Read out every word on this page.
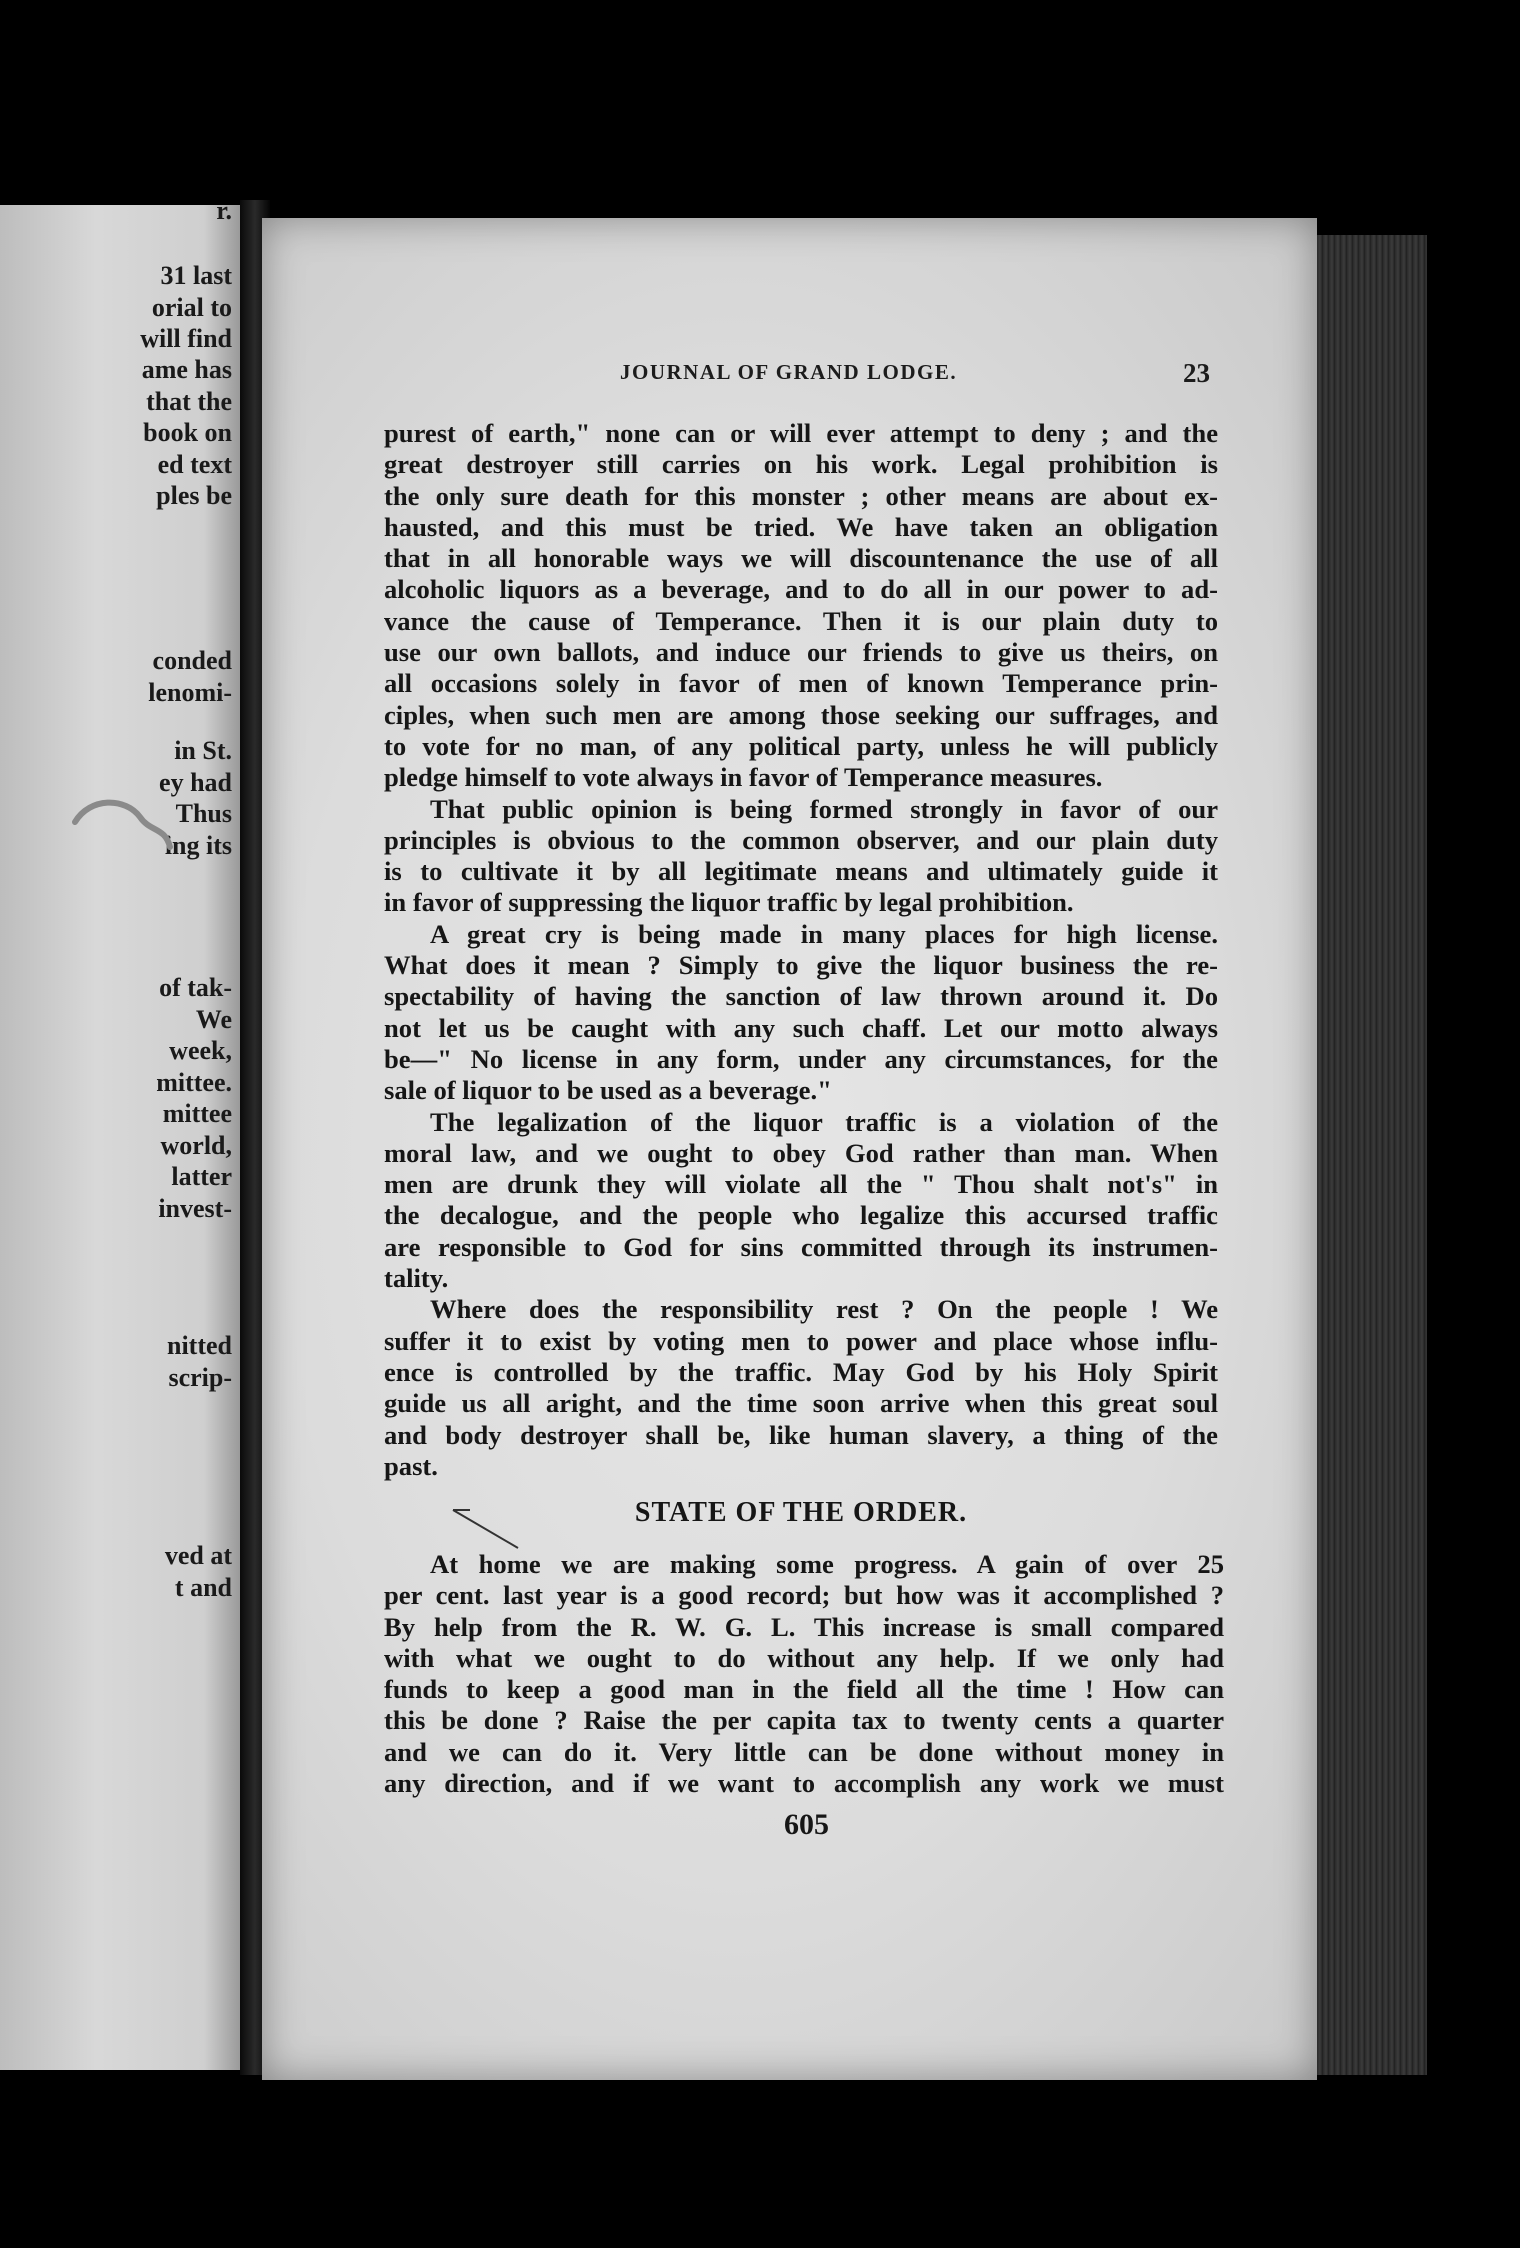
r.
31 last
orial to
will find
ame has
that the
book on
ed text
ples be
conded
lenomi-
in St.
ey had
Thus
ing its
of tak-
We
week,
mittee.
mittee
world,
latter
invest-
nitted
scrip-
ved at
t and
JOURNAL OF GRAND LODGE.	23
purest of earth," none can or will ever attempt to deny ; and the
great destroyer still carries on his work. Legal prohibition is
the only sure death for this monster ; other means are about ex-
hausted, and this must be tried. We have taken an obligation
that in all honorable ways we will discountenance the use of all
alcoholic liquors as a beverage, and to do all in our power to ad-
vance the cause of Temperance. Then it is our plain duty to
use our own ballots, and induce our friends to give us theirs, on
all occasions solely in favor of men of known Temperance prin-
ciples, when such men are among those seeking our suffrages, and
to vote for no man, of any political party, unless he will publicly
pledge himself to vote always in favor of Temperance measures.
That public opinion is being formed strongly in favor of our
principles is obvious to the common observer, and our plain duty
is to cultivate it by all legitimate means and ultimately guide it
in favor of suppressing the liquor traffic by legal prohibition.
A great cry is being made in many places for high license.
What does it mean ? Simply to give the liquor business the re-
spectability of having the sanction of law thrown around it. Do
not let us be caught with any such chaff. Let our motto always
be—" No license in any form, under any circumstances, for the
sale of liquor to be used as a beverage."
The legalization of the liquor traffic is a violation of the
moral law, and we ought to obey God rather than man. When
men are drunk they will violate all the " Thou shalt not's" in
the decalogue, and the people who legalize this accursed traffic
are responsible to God for sins committed through its instrumen-
tality.
Where does the responsibility rest ? On the people ! We
suffer it to exist by voting men to power and place whose influ-
ence is controlled by the traffic. May God by his Holy Spirit
guide us all aright, and the time soon arrive when this great soul
and body destroyer shall be, like human slavery, a thing of the
past.
STATE OF THE ORDER.
At home we are making some progress. A gain of over 25
per cent. last year is a good record; but how was it accomplished ?
By help from the R. W. G. L. This increase is small compared
with what we ought to do without any help. If we only had
funds to keep a good man in the field all the time ! How can
this be done ? Raise the per capita tax to twenty cents a quarter
and we can do it. Very little can be done without money in
any direction, and if we want to accomplish any work we must
605
